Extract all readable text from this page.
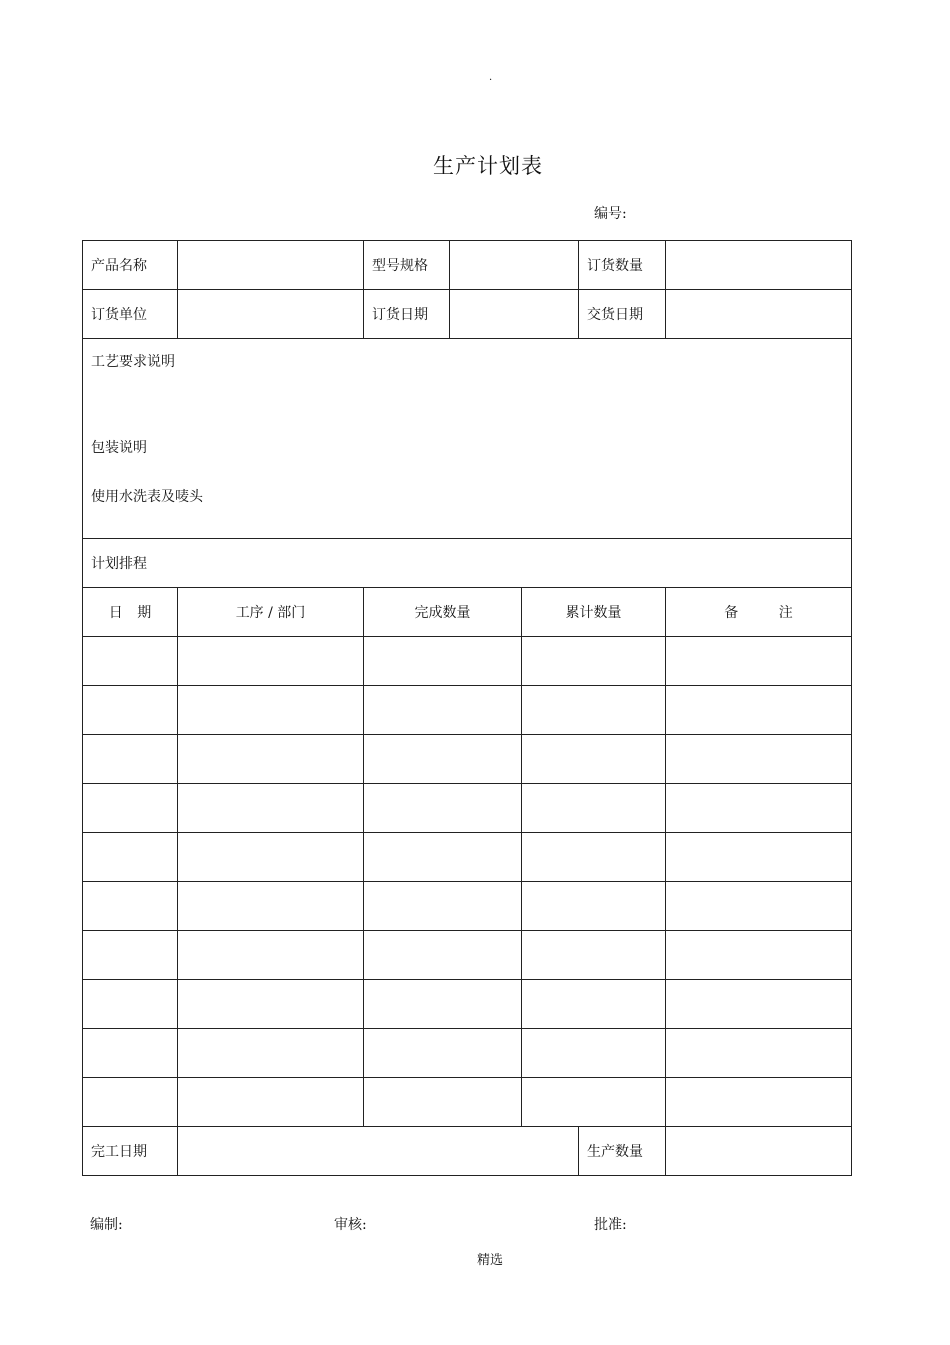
.
生产计划表
编号:
产品名称		型号规格			订货数量	
订货单位		订货日期			交货日期	

工艺要求说明
包装说明
使用水洗表及唛头						

计划排程						
日 期	工序 / 部门	完成数量		累计数量		备 注

完工日期					生产数量	
编制:	审核:	批准:
精选
